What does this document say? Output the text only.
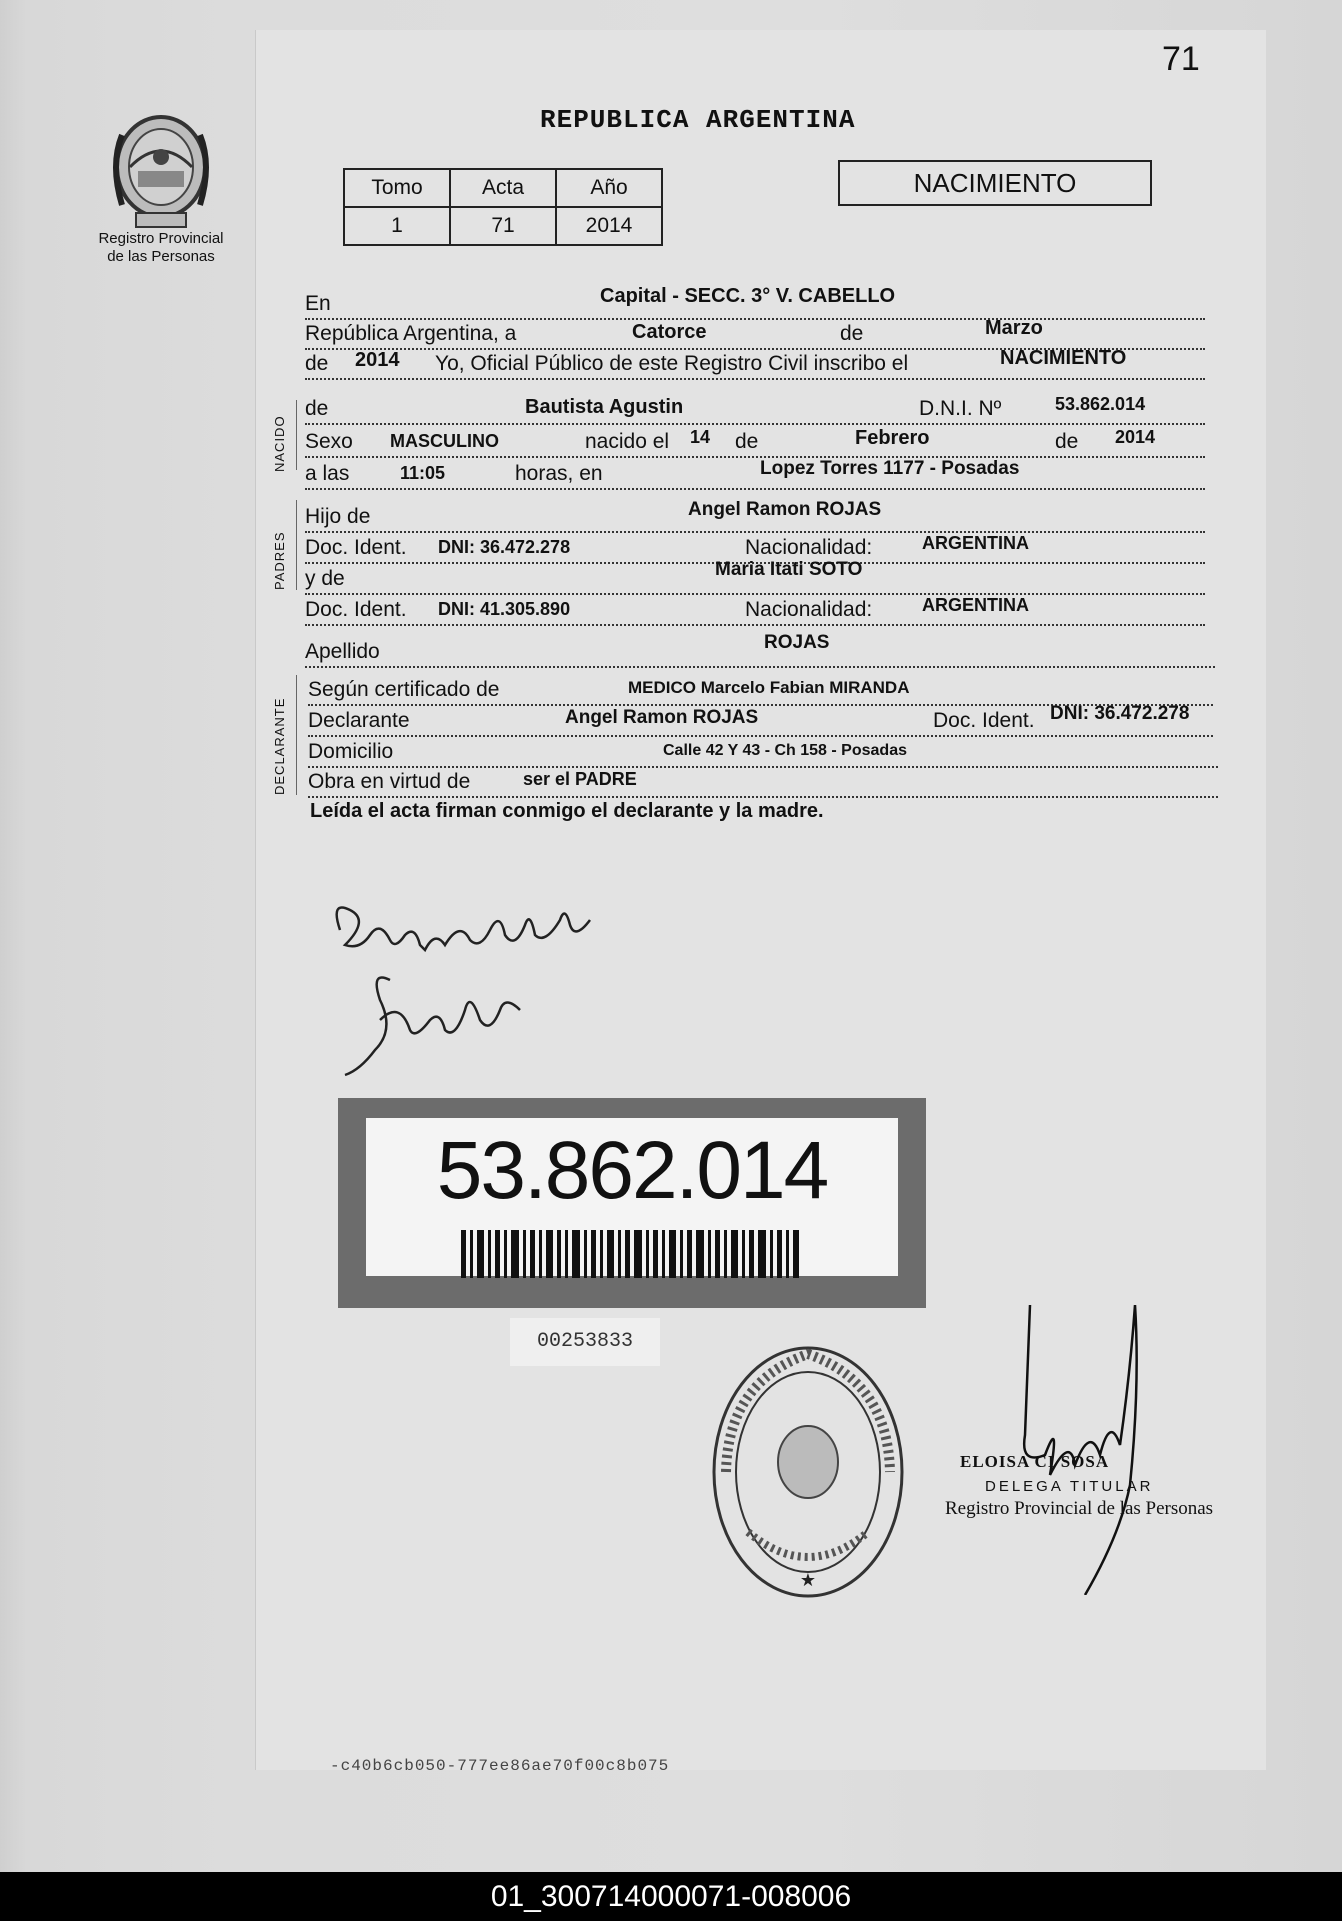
71
REPUBLICA ARGENTINA
Registro Provincial
de las Personas
Tomo	Acta	Año
1	71	2014
NACIMIENTO
NACIDO
PADRES
DECLARANTE
En	Capital - SECC. 3° V. CABELLO
República Argentina, a	Catorce	de	Marzo
de 2014 Yo, Oficial Público de este Registro Civil inscribo el	NACIMIENTO
de	Bautista Agustin	D.N.I. Nº	53.862.014
Sexo MASCULINO	nacido el 14 de	Febrero	de 2014
a las	11:05	horas, en	Lopez Torres 1177 - Posadas
Hijo de	Angel Ramon ROJAS
Doc. Ident. DNI: 36.472.278	Nacionalidad:	ARGENTINA
y de	Maria Itati SOTO
Doc. Ident. DNI: 41.305.890	Nacionalidad:	ARGENTINA
Apellido	ROJAS
Según certificado de	MEDICO Marcelo Fabian MIRANDA
Declarante	Angel Ramon ROJAS	Doc. Ident. DNI: 36.472.278
Domicilio	Calle 42 Y 43 - Ch 158 - Posadas
Obra en virtud de	ser el PADRE
Leída el acta firman conmigo el declarante y la madre.
53.862.014
00253833
★
ELOISA CI SOSA
DELEGA TITULAR
Registro Provincial de las Personas
-c40b6cb050-777ee86ae70f00c8b075
01_300714000071-008006
